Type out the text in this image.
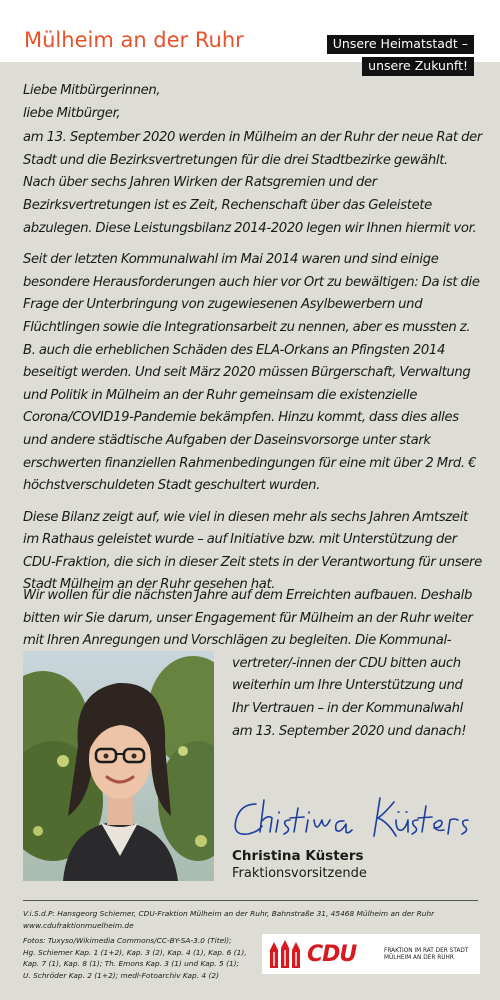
Mülheim an der Ruhr	Unsere Heimatstadt –
unsere Zukunft!

Liebe Mitbürgerinnen,
liebe Mitbürger,

am 13. September 2020 werden in Mülheim an der Ruhr der neue Rat der Stadt und die Bezirksvertretungen für die drei Stadtbezirke gewählt. Nach über sechs Jahren Wirken der Ratsgremien und der Bezirksvertretungen ist es Zeit, Rechenschaft über das Geleistete abzulegen. Diese Leistungsbilanz 2014-2020 legen wir Ihnen hiermit vor.

Seit der letzten Kommunalwahl im Mai 2014 waren und sind einige besondere Herausforderungen auch hier vor Ort zu bewältigen: Da ist die Frage der Unterbringung von zugewiesenen Asylbewerbern und Flüchtlingen sowie die Integrationsarbeit zu nennen, aber es mussten z. B. auch die erheblichen Schäden des ELA-Orkans an Pfingsten 2014 beseitigt werden. Und seit März 2020 müssen Bürgerschaft, Verwaltung und Politik in Mülheim an der Ruhr gemeinsam die existenzielle Corona/COVID19-Pandemie bekämpfen. Hinzu kommt, dass dies alles und andere städtische Aufgaben der Daseinsvorsorge unter stark erschwerten finanziellen Rahmenbedingungen für eine mit über 2 Mrd. € höchstverschuldeten Stadt geschultert wurden.

Diese Bilanz zeigt auf, wie viel in diesen mehr als sechs Jahren Amtszeit im Rathaus geleistet wurde – auf Initiative bzw. mit Unterstützung der CDU-Fraktion, die sich in dieser Zeit stets in der Verantwortung für unsere Stadt Mülheim an der Ruhr gesehen hat.

Wir wollen für die nächsten Jahre auf dem Erreichten aufbauen. Deshalb
bitten wir Sie darum, unser Engagement für Mülheim an der Ruhr weiter
mit Ihren Anregungen und Vorschlägen zu begleiten. Die Kommunal-
vertreter/-innen der CDU bitten auch
weiterhin um Ihre Unterstützung und
Ihr Vertrauen – in der Kommunalwahl
am 13. September 2020 und danach!
Christina Küsters
Fraktionsvorsitzende
V.i.S.d.P: Hansgeorg Schiemer, CDU-Fraktion Mülheim an der Ruhr, Bahnstraße 31, 45468 Mülheim an der Ruhr
www.cdufraktionmuelheim.de
Fotos: Tuxyso/Wikimedia Commons/CC-BY-SA-3.0 (Titel);
Hg. Schiemer Kap. 1 (1+2), Kap. 3 (2), Kap. 4 (1), Kap. 6 (1),
Kap. 7 (1), Kap. 8 (1); Th. Emons Kap. 3 (1) und Kap. 5 (1);
U. Schröder Kap. 2 (1+2); medl-Fotoarchiv Kap. 4 (2)
CDU	FRAKTION IM RAT DER STADT
MÜLHEIM AN DER RUHR
